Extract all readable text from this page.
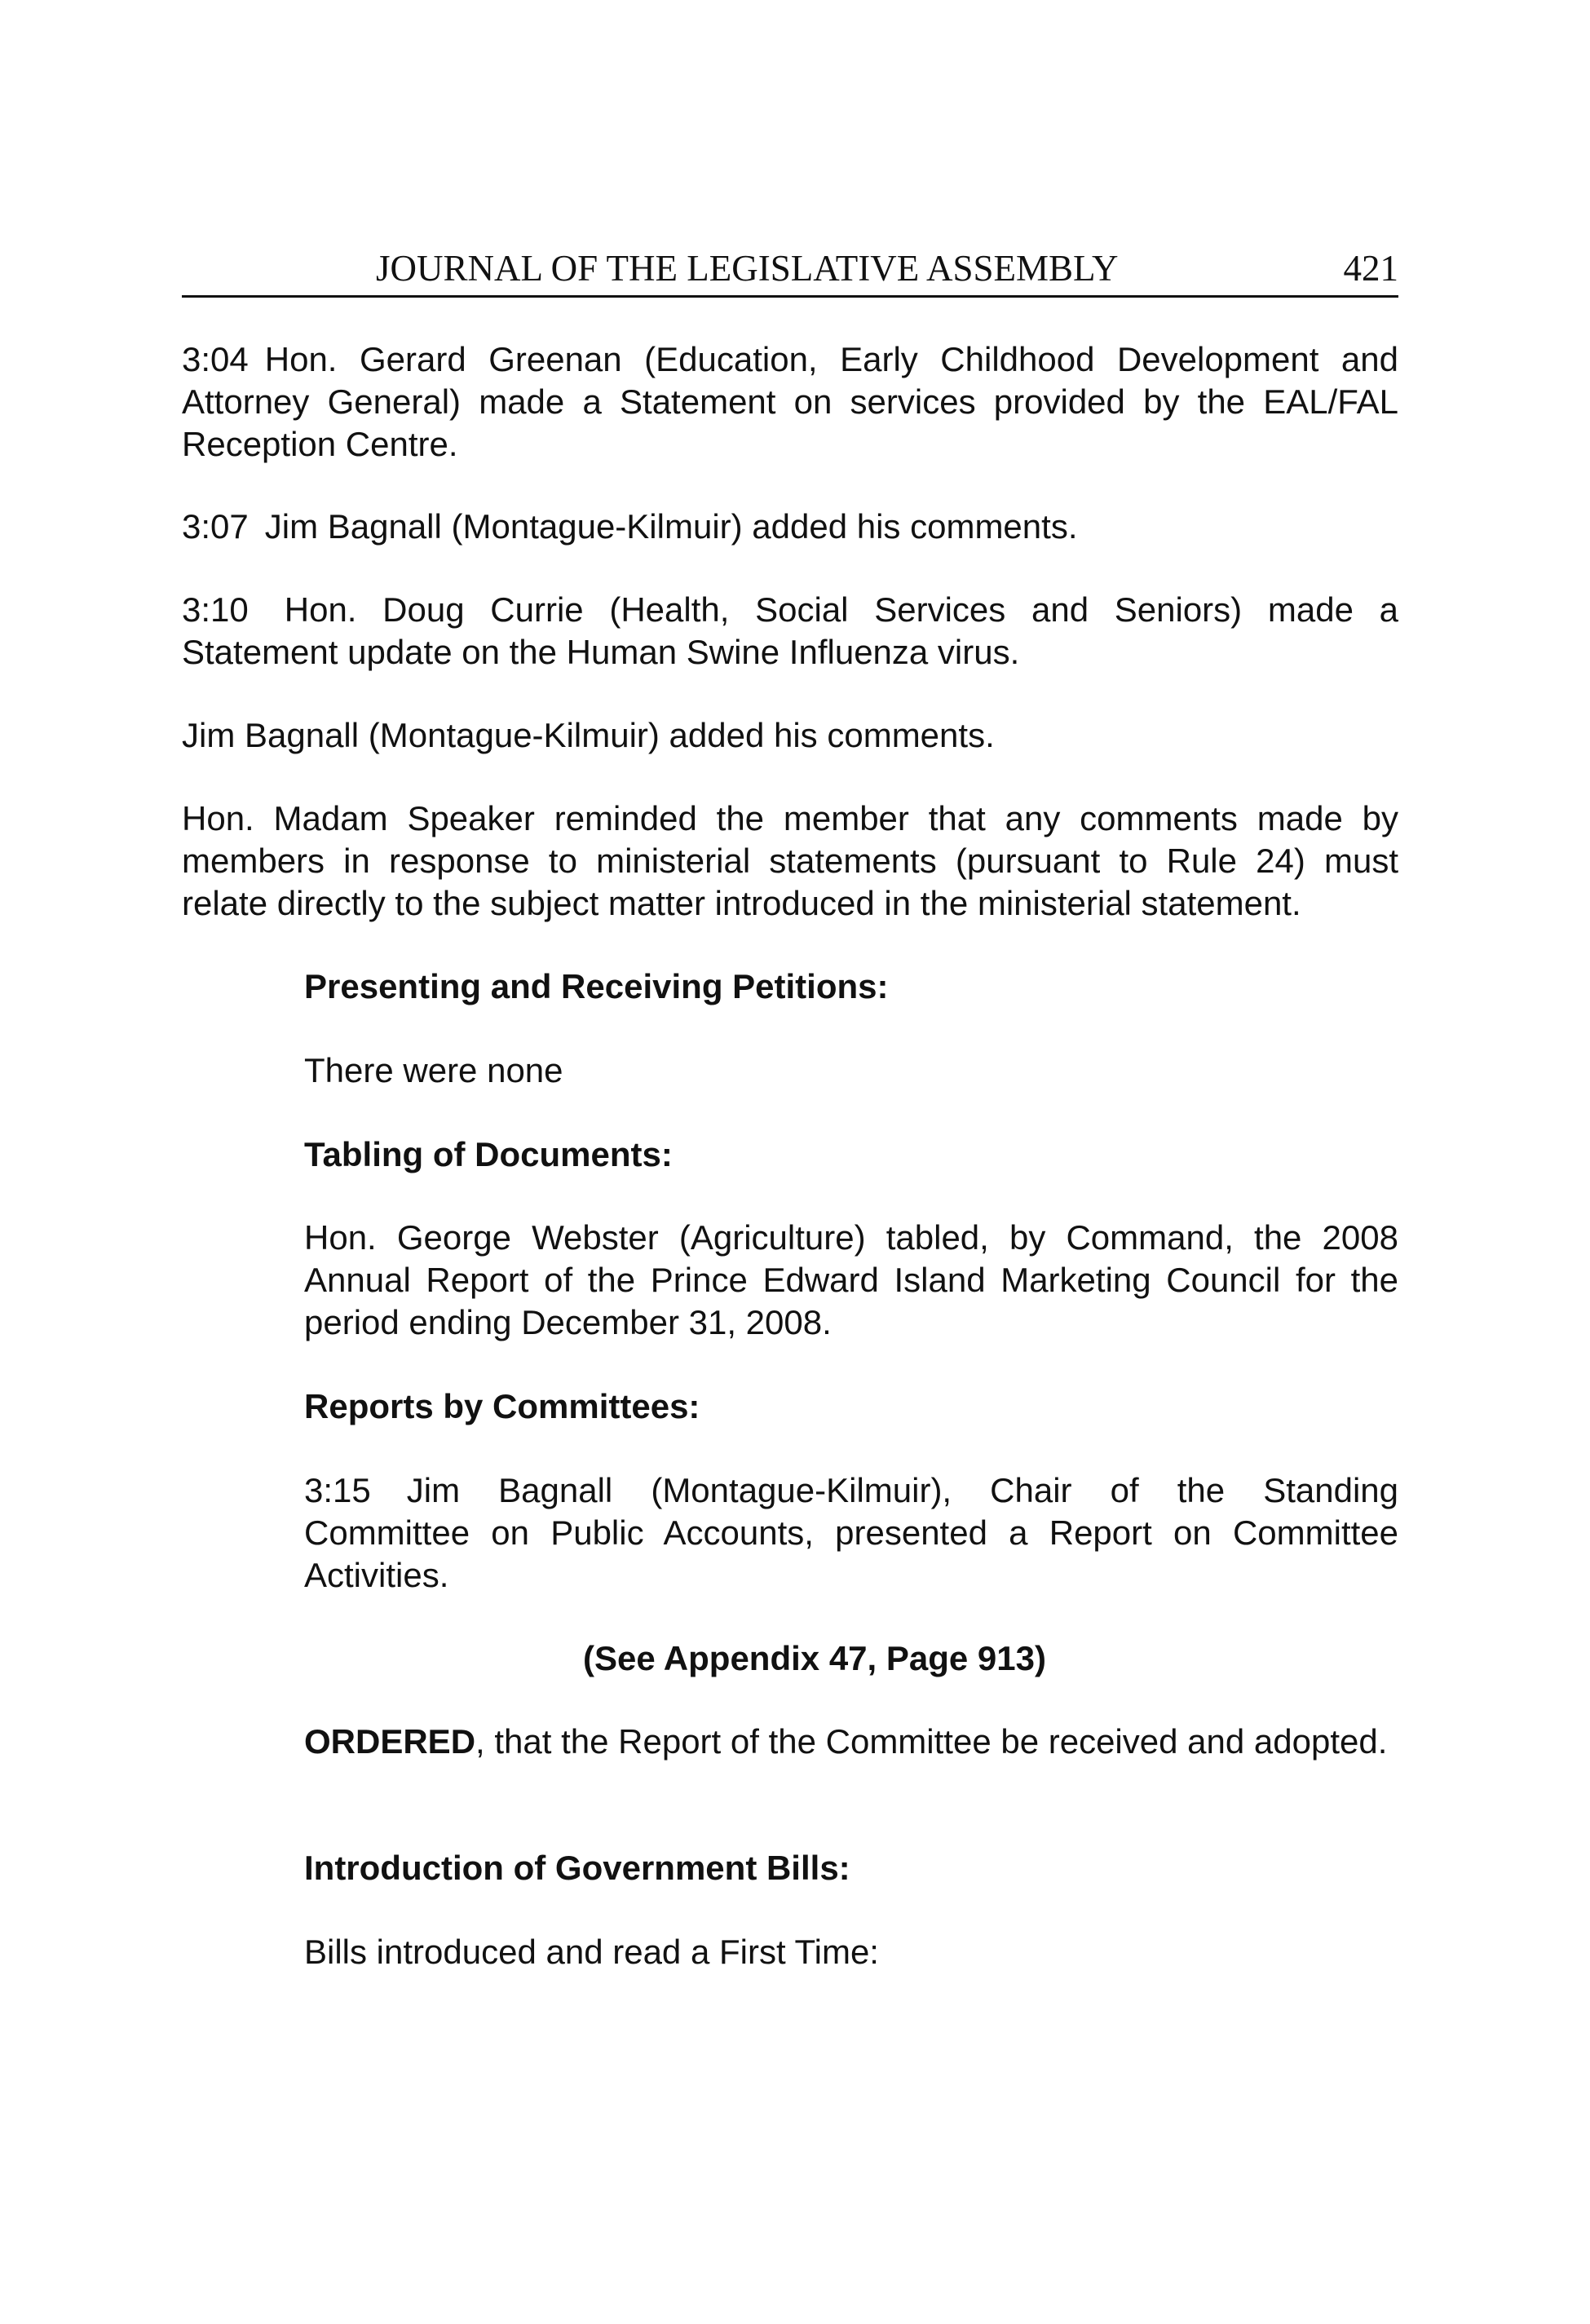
JOURNAL OF THE LEGISLATIVE ASSEMBLY	421

3:04 Hon. Gerard Greenan (Education, Early Childhood Development and Attorney General) made a Statement on services provided by the EAL/FAL Reception Centre.

3:07 Jim Bagnall (Montague-Kilmuir) added his comments.

3:10 Hon. Doug Currie (Health, Social Services and Seniors) made a Statement update on the Human Swine Influenza virus.

Jim Bagnall (Montague-Kilmuir) added his comments.

Hon. Madam Speaker reminded the member that any comments made by members in response to ministerial statements (pursuant to Rule 24) must relate directly to the subject matter introduced in the ministerial statement.

Presenting and Receiving Petitions:

There were none

Tabling of Documents:

Hon. George Webster (Agriculture) tabled, by Command, the 2008 Annual Report of the Prince Edward Island Marketing Council for the period ending December 31, 2008.

Reports by Committees:

3:15 Jim Bagnall (Montague-Kilmuir), Chair of the Standing Committee on Public Accounts, presented a Report on Committee Activities.

(See Appendix 47, Page 913)

ORDERED, that the Report of the Committee be received and adopted.

Introduction of Government Bills:

Bills introduced and read a First Time:
